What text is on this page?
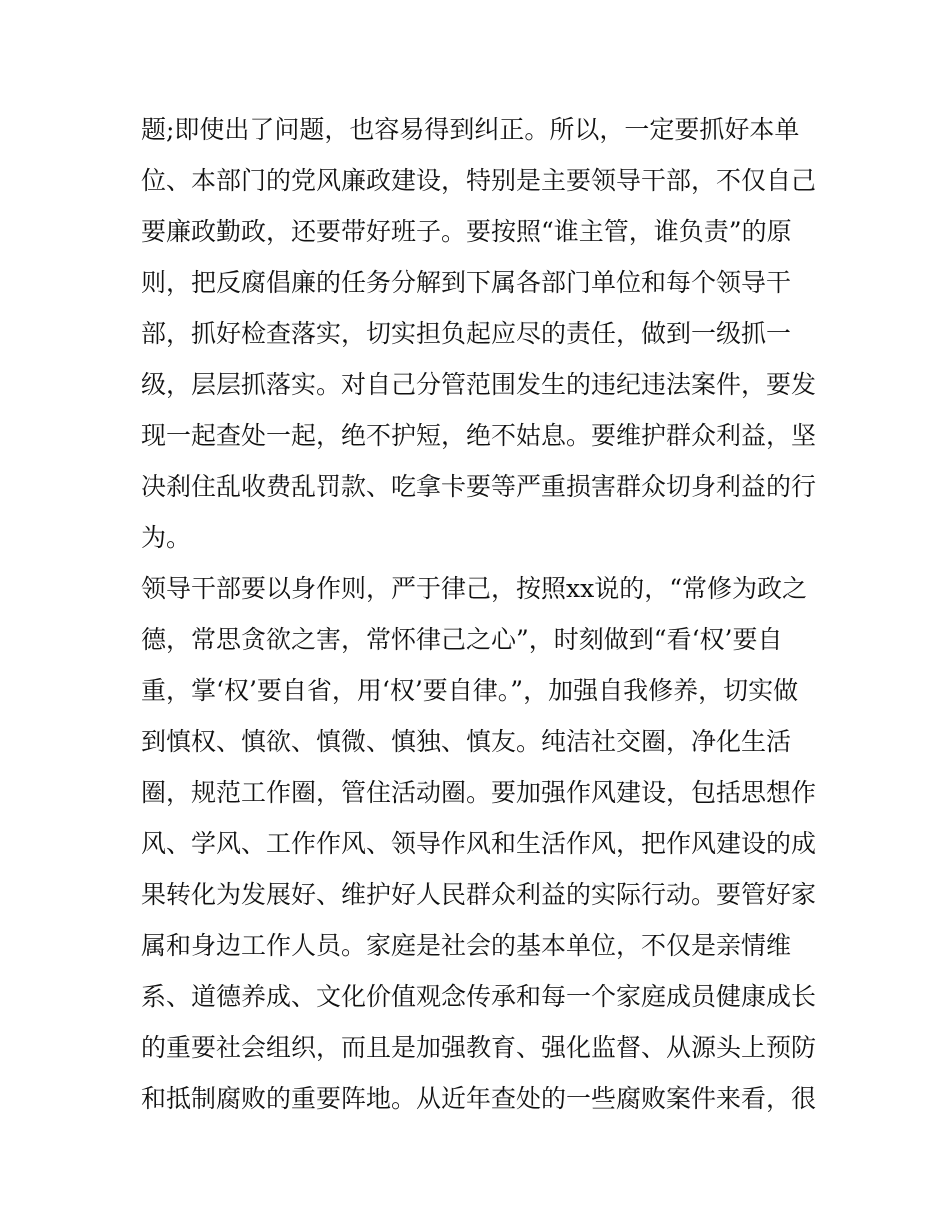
题;即使出了问题，也容易得到纠正。所以，一定要抓好本单
位、本部门的党风廉政建设，特别是主要领导干部，不仅自己
要廉政勤政，还要带好班子。要按照“谁主管，谁负责”的原
则，把反腐倡廉的任务分解到下属各部门单位和每个领导干
部，抓好检查落实，切实担负起应尽的责任，做到一级抓一
级，层层抓落实。对自己分管范围发生的违纪违法案件，要发
现一起查处一起，绝不护短，绝不姑息。要维护群众利益，坚
决刹住乱收费乱罚款、吃拿卡要等严重损害群众切身利益的行
为。
领导干部要以身作则，严于律己，按照xx说的，“常修为政之
德，常思贪欲之害，常怀律己之心”，时刻做到“看‘权’要自
重，掌‘权’要自省，用‘权’要自律。”，加强自我修养，切实做
到慎权、慎欲、慎微、慎独、慎友。纯洁社交圈，净化生活
圈，规范工作圈，管住活动圈。要加强作风建设，包括思想作
风、学风、工作作风、领导作风和生活作风，把作风建设的成
果转化为发展好、维护好人民群众利益的实际行动。要管好家
属和身边工作人员。家庭是社会的基本单位，不仅是亲情维
系、道德养成、文化价值观念传承和每一个家庭成员健康成长
的重要社会组织，而且是加强教育、强化监督、从源头上预防
和抵制腐败的重要阵地。从近年查处的一些腐败案件来看，很
